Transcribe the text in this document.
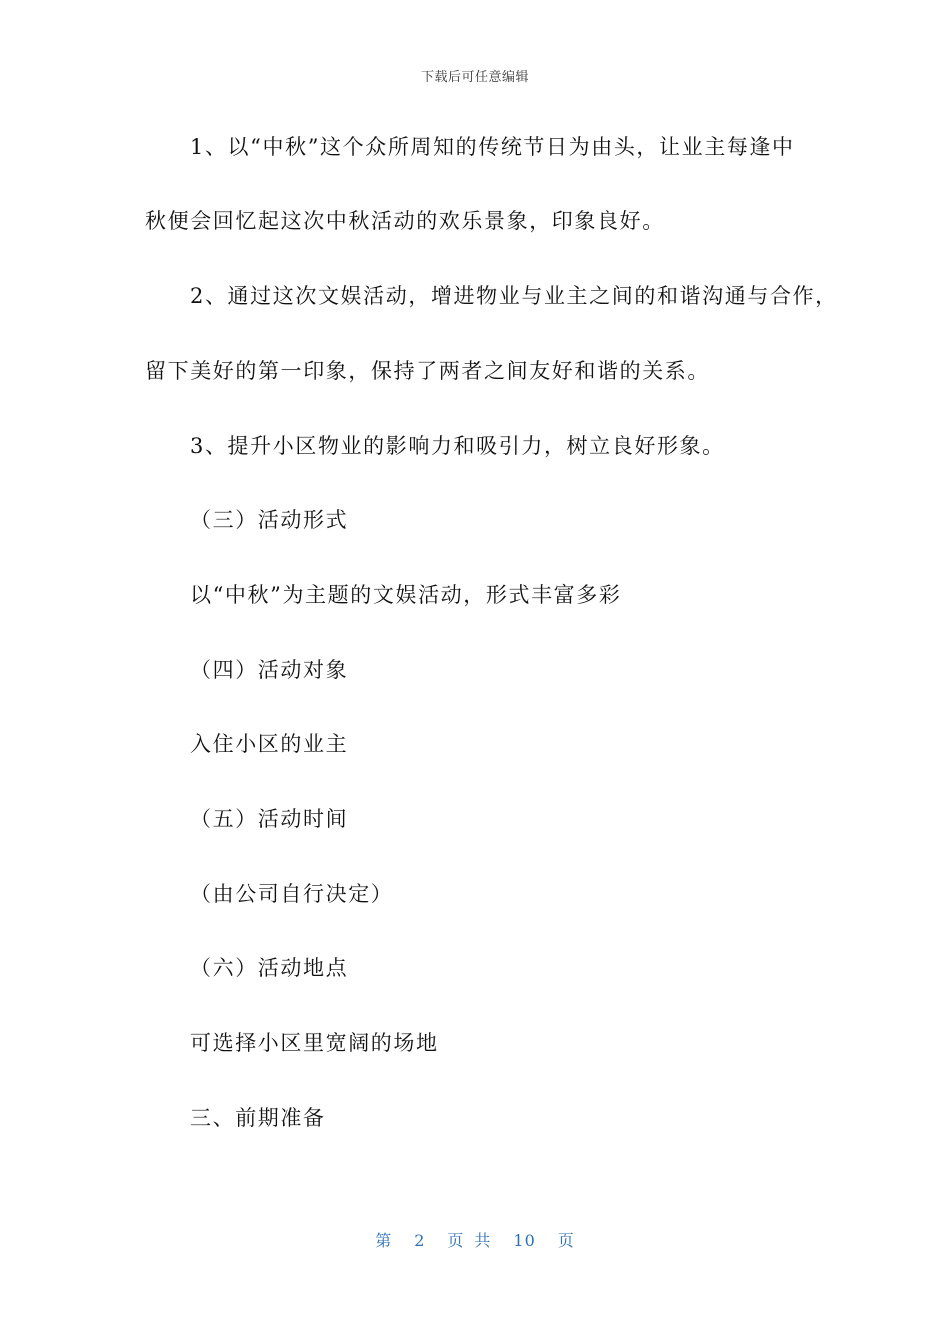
下载后可任意编辑
1、以“中秋”这个众所周知的传统节日为由头，让业主每逢中
秋便会回忆起这次中秋活动的欢乐景象，印象良好。
2、通过这次文娱活动，增进物业与业主之间的和谐沟通与合作，
留下美好的第一印象，保持了两者之间友好和谐的关系。
3、提升小区物业的影响力和吸引力，树立良好形象。
（三）活动形式
以“中秋”为主题的文娱活动，形式丰富多彩
（四）活动对象
入住小区的业主
（五）活动时间
（由公司自行决定）
（六）活动地点
可选择小区里宽阔的场地
三、前期准备
第 2 页 共 10 页
